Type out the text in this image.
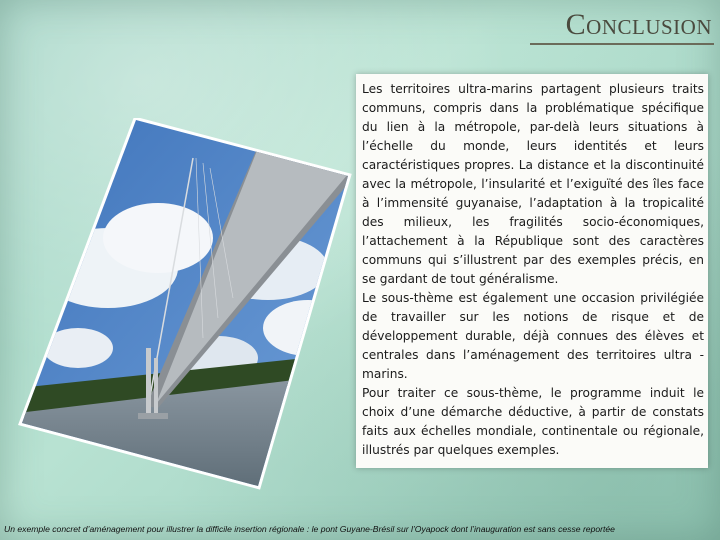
Conclusion

Les territoires ultra-marins partagent plusieurs traits communs, compris dans la problématique spécifique du lien à la métropole, par-delà leurs situations à l’échelle du monde, leurs identités et leurs caractéristiques propres. La distance et la discontinuité avec la métropole, l’insularité et l’exiguïté des îles face à l’immensité guyanaise, l’adaptation à la tropicalité des milieux, les fragilités socio-économiques, l’attachement à la République sont des caractères communs qui s’illustrent par des exemples précis, en se gardant de tout généralisme.

Le sous-thème est également une occasion privilégiée de travailler sur les notions de risque et de développement durable, déjà connues des élèves et centrales dans l’aménagement des territoires ultra -marins.

Pour traiter ce sous-thème, le programme induit le choix d’une démarche déductive, à partir de constats faits aux échelles mondiale, continentale ou régionale, illustrés par quelques exemples.

Un exemple concret d’aménagement pour illustrer la difficile insertion régionale : le pont Guyane-Brésil sur l’Oyapock dont l’inauguration est sans cesse reportée
